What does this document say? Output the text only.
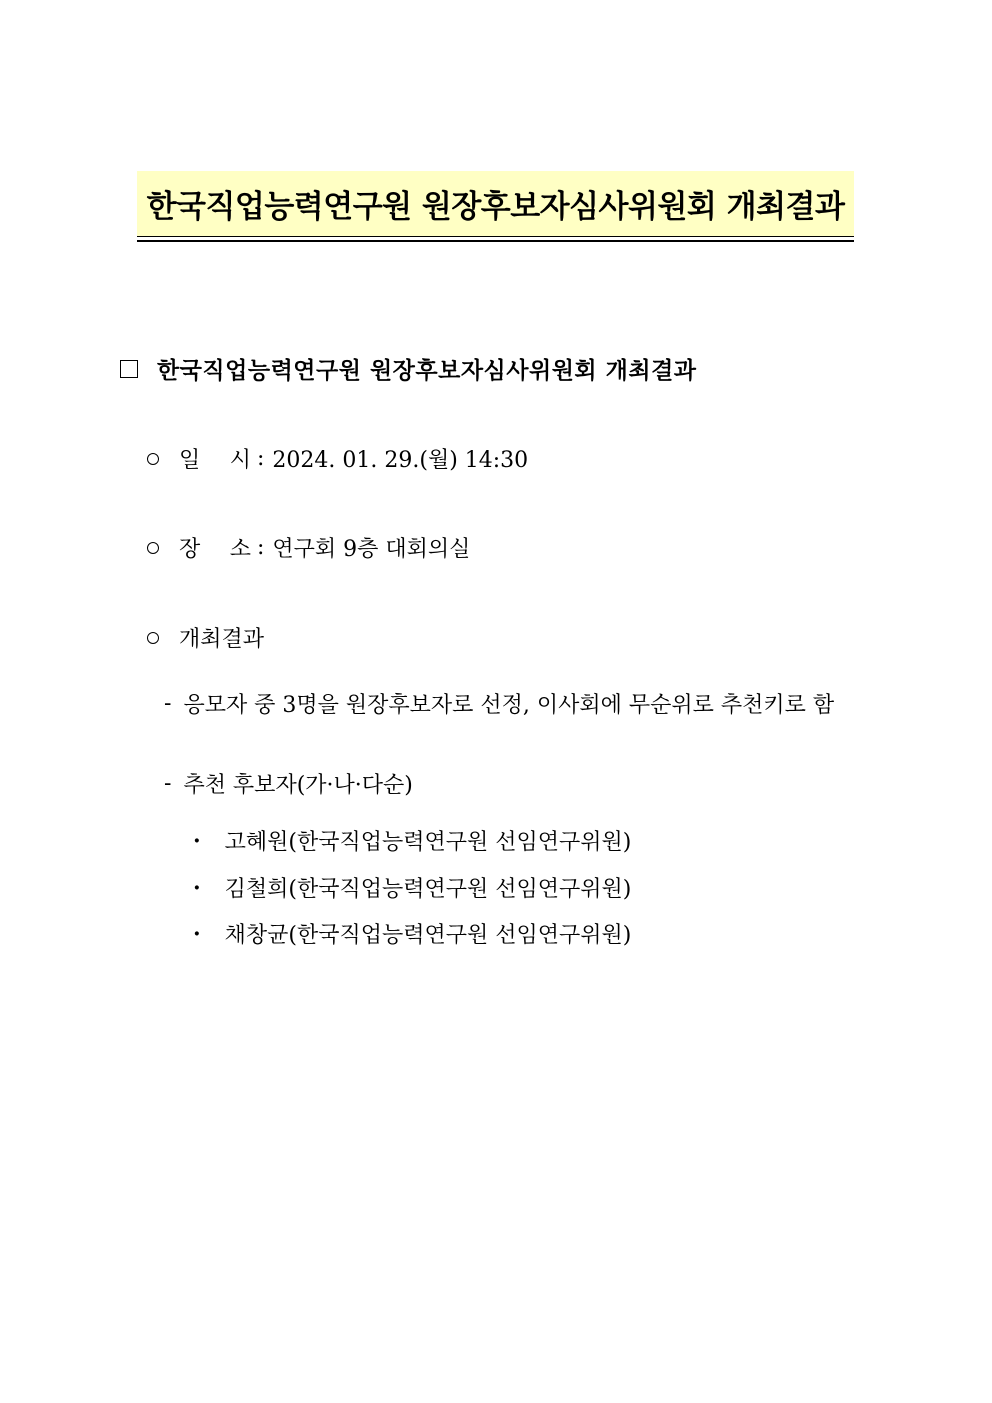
한국직업능력연구원 원장후보자심사위원회 개최결과
한국직업능력연구원 원장후보자심사위원회 개최결과
일 시 : 2024. 01. 29.(월) 14:30
장 소 : 연구회 9층 대회의실
개최결과
- 응모자 중 3명을 원장후보자로 선정, 이사회에 무순위로 추천키로 함
- 추천 후보자(가·나·다순)
· 고혜원(한국직업능력연구원 선임연구위원)
· 김철희(한국직업능력연구원 선임연구위원)
· 채창균(한국직업능력연구원 선임연구위원)
